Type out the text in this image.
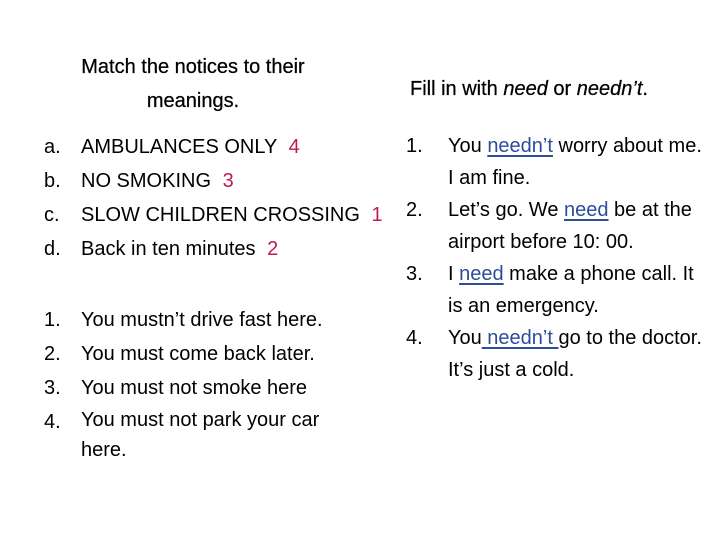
Match the notices to their
meanings.
a. AMBULANCES ONLY 4
b. NO SMOKING 3
c. SLOW CHILDREN CROSSING 1
d. Back in ten minutes 2
1. You mustn’t drive fast here.
2. You must come back later.
3. You must not smoke here
4. You must not park your car here.
Fill in with need or needn’t.
1. You needn’t worry about me. I am fine.
2. Let’s go. We need be at the airport before 10: 00.
3. I need make a phone call. It is an emergency.
4. You needn’t go to the doctor. It’s just a cold.
